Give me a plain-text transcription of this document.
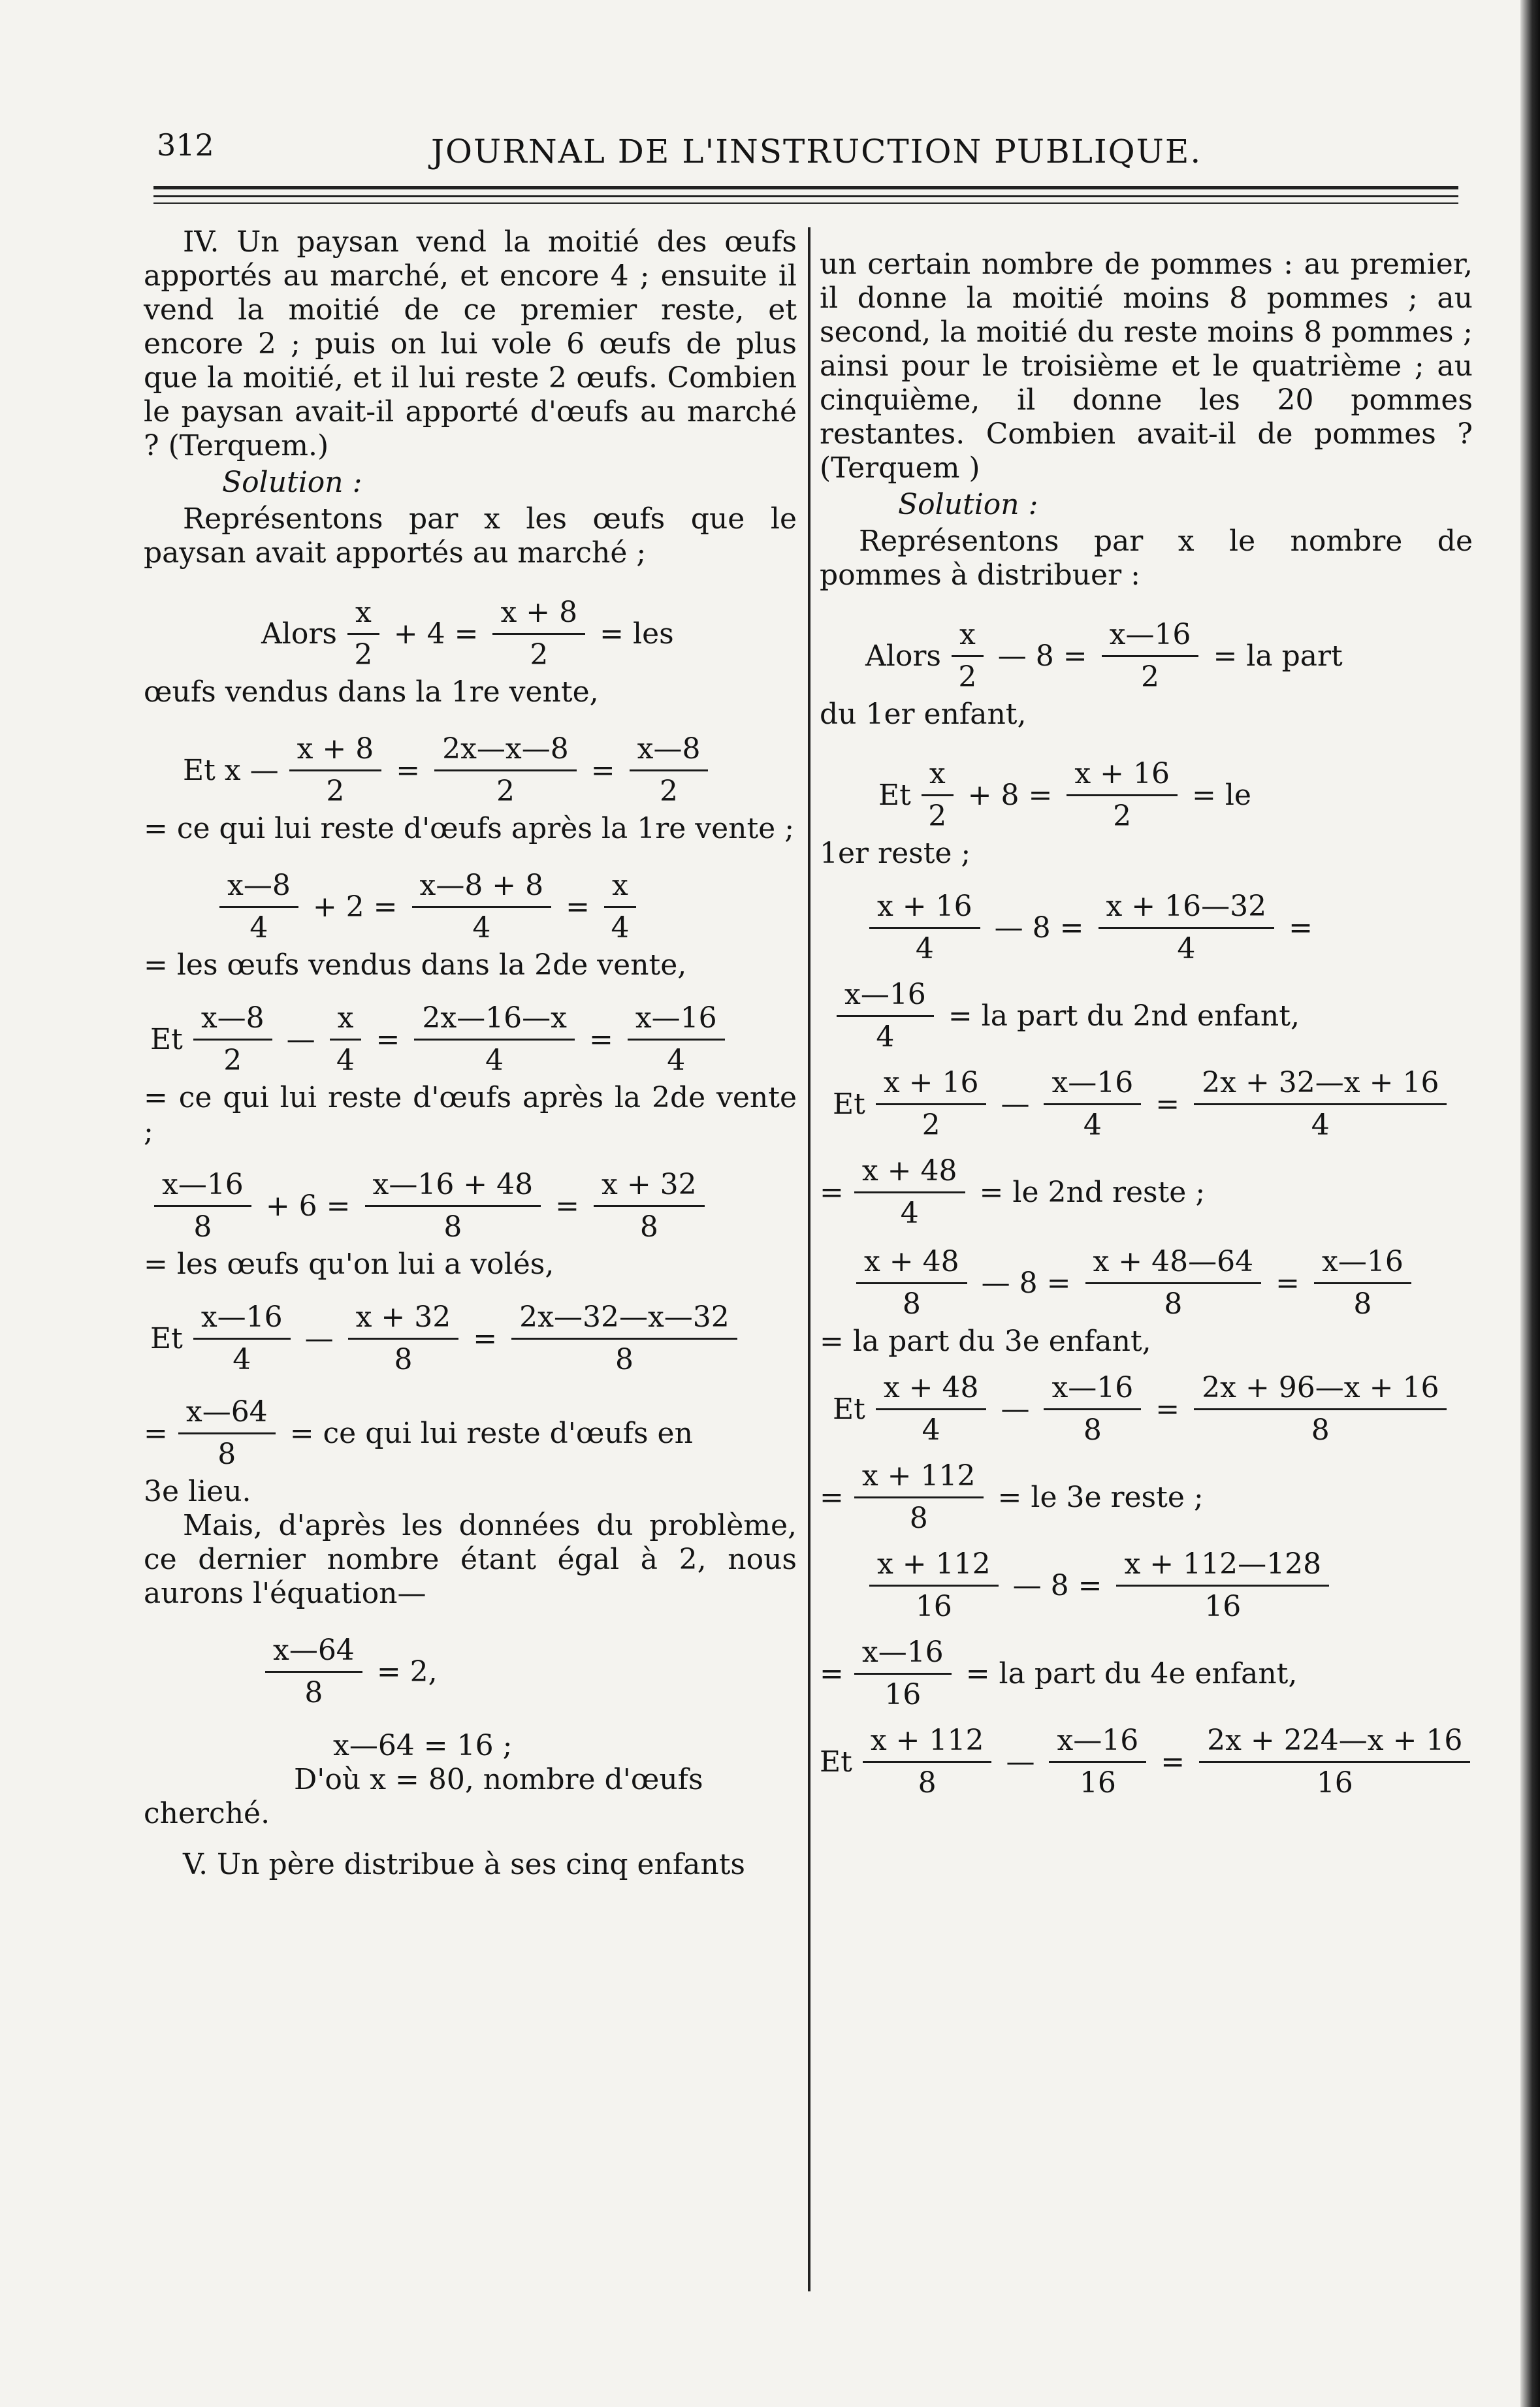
312	JOURNAL DE L'INSTRUCTION PUBLIQUE.

IV. Un paysan vend la moitié des œufs apportés au marché, et encore 4 ; ensuite il vend la moitié de ce premier reste, et encore 2 ; puis on lui vole 6 œufs de plus que la moitié, et il lui reste 2 œufs. Combien le paysan avait-il apporté d'œufs au marché ? (Terquem.)

Solution :

Représentons par x les œufs que le paysan avait apportés au marché ;

Alors $\frac{x}{2} + 4 = \frac{x + 8}{2}$ = les

œufs vendus dans la 1re vente,

Et x — $\frac{x + 8}{2} = \frac{2x—x—8}{2} = \frac{x—8}{2}$

= ce qui lui reste d'œufs après la 1re vente ;

$\frac{x—8}{4} + 2 = \frac{x—8 + 8}{4} = \frac{x}{4}$

= les œufs vendus dans la 2de vente,

Et $\frac{x—8}{2}$ — $\frac{x}{4} = \frac{2x—16—x}{4} = \frac{x—16}{4}$

= ce qui lui reste d'œufs après la 2de vente ;

$\frac{x—16}{8} + 6 = \frac{x—16 + 48}{8} = \frac{x + 32}{8}$

= les œufs qu'on lui a volés,

Et $\frac{x—16}{4}$ — $\frac{x + 32}{8} = \frac{2x—32—x—32}{8}$
= $\frac{x—64}{8}$ = ce qui lui reste d'œufs en

3e lieu.

Mais, d'après les données du problème, ce dernier nombre étant égal à 2, nous aurons l'équation—

$\frac{x—64}{8} = 2$,

x—64 = 16 ;

D'où x = 80, nombre d'œufs

cherché.

V. Un père distribue à ses cinq enfants

un certain nombre de pommes : au premier, il donne la moitié moins 8 pommes ; au second, la moitié du reste moins 8 pommes ; ainsi pour le troisième et le quatrième ; au cinquième, il donne les 20 pommes restantes. Combien avait-il de pommes ? (Terquem )

Solution :

Représentons par x le nombre de pommes à distribuer :

Alors $\frac{x}{2}$ — $8 = \frac{x—16}{2}$ = la part

du 1er enfant,

Et $\frac{x}{2} + 8 = \frac{x + 16}{2}$ = le

1er reste ;

$\frac{x + 16}{4}$ — $8 = \frac{x + 16—32}{4}$ =
$\frac{x—16}{4}$ = la part du 2nd enfant,
Et $\frac{x + 16}{2}$ — $\frac{x—16}{4} = \frac{2x + 32—x + 16}{4}$
= $\frac{x + 48}{4}$ = le 2nd reste ;
$\frac{x + 48}{8}$ — $8 = \frac{x + 48—64}{8} = \frac{x—16}{8}$

= la part du 3e enfant,

Et $\frac{x + 48}{4}$ — $\frac{x—16}{8} = \frac{2x + 96—x + 16}{8}$
= $\frac{x + 112}{8}$ = le 3e reste ;
$\frac{x + 112}{16}$ — $8 = \frac{x + 112—128}{16}$
= $\frac{x—16}{16}$ = la part du 4e enfant,
Et $\frac{x + 112}{8}$ — $\frac{x—16}{16} = \frac{2x + 224—x + 16}{16}$
